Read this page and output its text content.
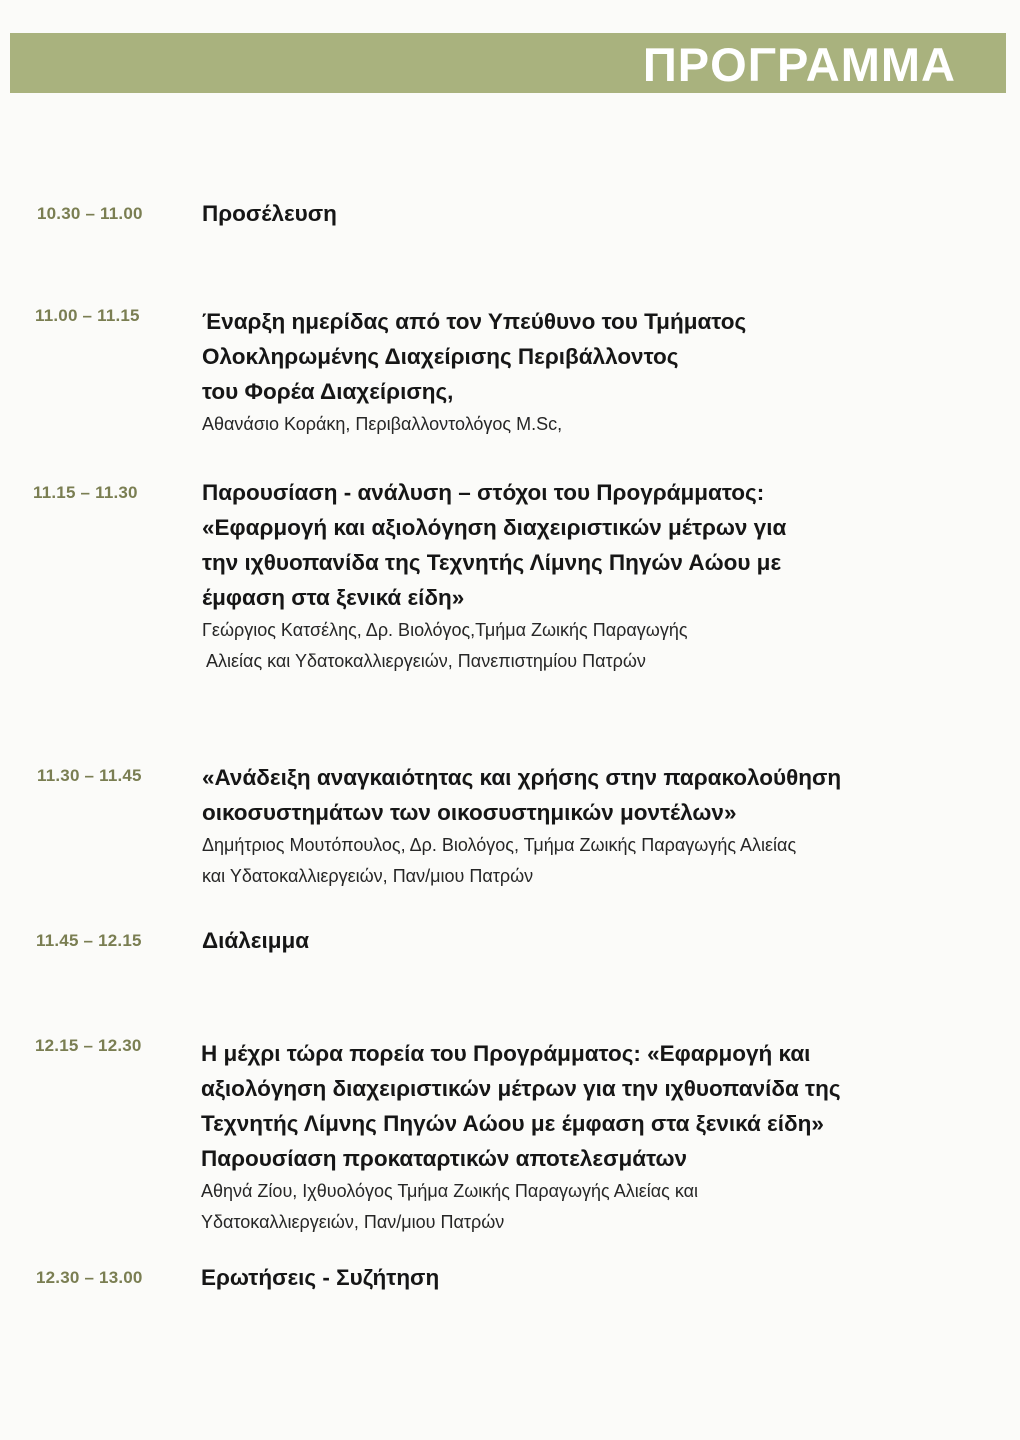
ΠΡΟΓΡΑΜΜΑ
10.30 – 11.00	Προσέλευση
11.00 – 11.15	Έναρξη ημερίδας από τον Υπεύθυνο του Τμήματος
Ολοκληρωμένης Διαχείρισης Περιβάλλοντος
του Φορέα Διαχείρισης,
Αθανάσιο Κοράκη, Περιβαλλοντολόγος M.Sc,
11.15 – 11.30	Παρουσίαση - ανάλυση – στόχοι του Προγράμματος:
«Εφαρμογή και αξιολόγηση διαχειριστικών μέτρων για
την ιχθυοπανίδα της Τεχνητής Λίμνης Πηγών Αώου με
έμφαση στα ξενικά είδη»
Γεώργιος Κατσέλης, Δρ. Βιολόγος,Τμήμα Ζωικής Παραγωγής
Αλιείας και Υδατοκαλλιεργειών, Πανεπιστημίου Πατρών
11.30 – 11.45	«Ανάδειξη αναγκαιότητας και χρήσης στην παρακολούθηση
οικοσυστημάτων των οικοσυστημικών μοντέλων»
Δημήτριος Μουτόπουλος, Δρ. Βιολόγος, Τμήμα Ζωικής Παραγωγής Αλιείας
και Υδατοκαλλιεργειών, Παν/μιου Πατρών
11.45 – 12.15	Διάλειμμα
12.15 – 12.30	Η μέχρι τώρα πορεία του Προγράμματος: «Εφαρμογή και
αξιολόγηση διαχειριστικών μέτρων για την ιχθυοπανίδα της
Τεχνητής Λίμνης Πηγών Αώου με έμφαση στα ξενικά είδη»
Παρουσίαση προκαταρτικών αποτελεσμάτων
Αθηνά Ζίου, Ιχθυολόγος Τμήμα Ζωικής Παραγωγής Αλιείας και
Υδατοκαλλιεργειών, Παν/μιου Πατρών
12.30 – 13.00	Ερωτήσεις - Συζήτηση
